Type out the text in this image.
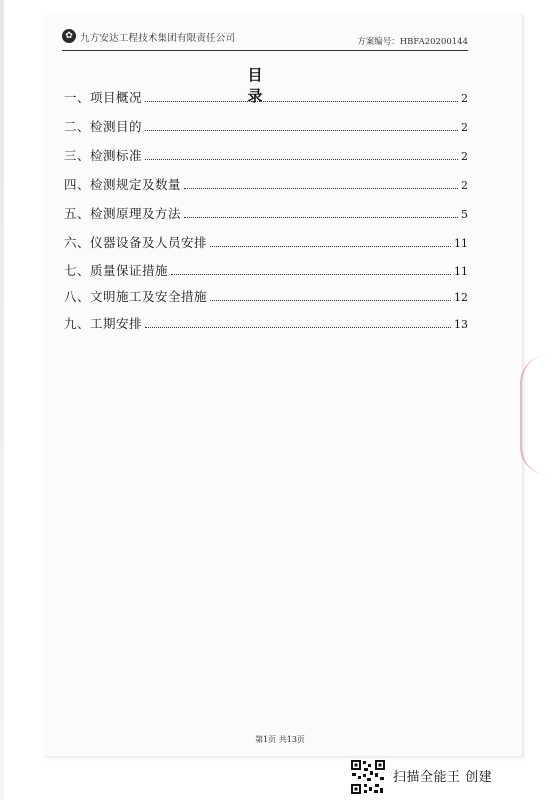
✿ 九方安达工程技术集团有限责任公司	方案编号：HBFA20200144
目 录
一、项目概况	2
二、检测目的	2
三、检测标准	2
四、检测规定及数量	2
五、检测原理及方法	5
六、仪器设备及人员安排	11
七、质量保证措施	11
八、文明施工及安全措施	12
九、工期安排	13
第1页 共13页
扫描全能王 创建
